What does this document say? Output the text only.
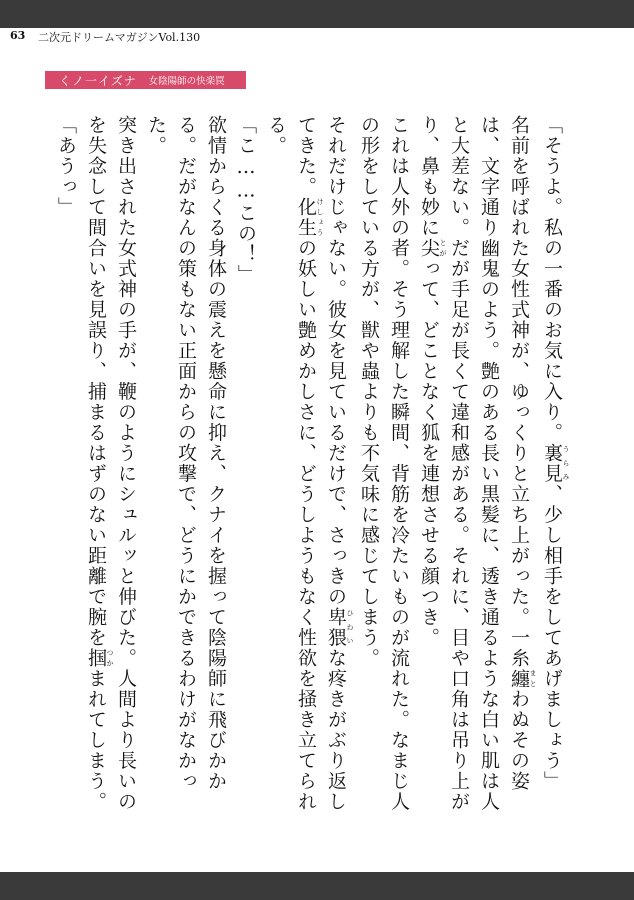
63 二次元ドリームマガジンVol.130
くノ一イズナ 女陰陽師の快楽罠

「そうよ。私の一番のお気に入り。裏見 うらみ、少し相手をしてあげましょう」

名前を呼ばれた女性式神が、ゆっくりと立ち上がった。一糸纏 まとわぬその姿は、文字通り幽鬼のよう。艶のある長い黒髪に、透き通るような白い肌は人と大差ない。だが手足が長くて違和感がある。それに、目や口角は吊り上がり、鼻も妙に尖 とがって、どことなく狐を連想させる顔つき。

これは人外の者。そう理解した瞬間、背筋を冷たいものが流れた。なまじ人の形をしている方が、獣や蟲よりも不気味に感じてしまう。

それだけじゃない。彼女を見ているだけで、さっきの卑猥 ひわいな疼きがぶり返してきた。化生 けしょうの妖しい艶めかしさに、どうしようもなく性欲を掻き立てられる。

「こ……この！」

欲情からくる身体の震えを懸命に抑え、クナイを握って陰陽師に飛びかかる。だがなんの策もない正面からの攻撃で、どうにかできるわけがなかった。

突き出された女式神の手が、鞭のようにシュルッと伸びた。人間より長いのを失念して間合いを見誤り、捕まるはずのない距離で腕を掴 つかまれてしまう。

「あうっ」
